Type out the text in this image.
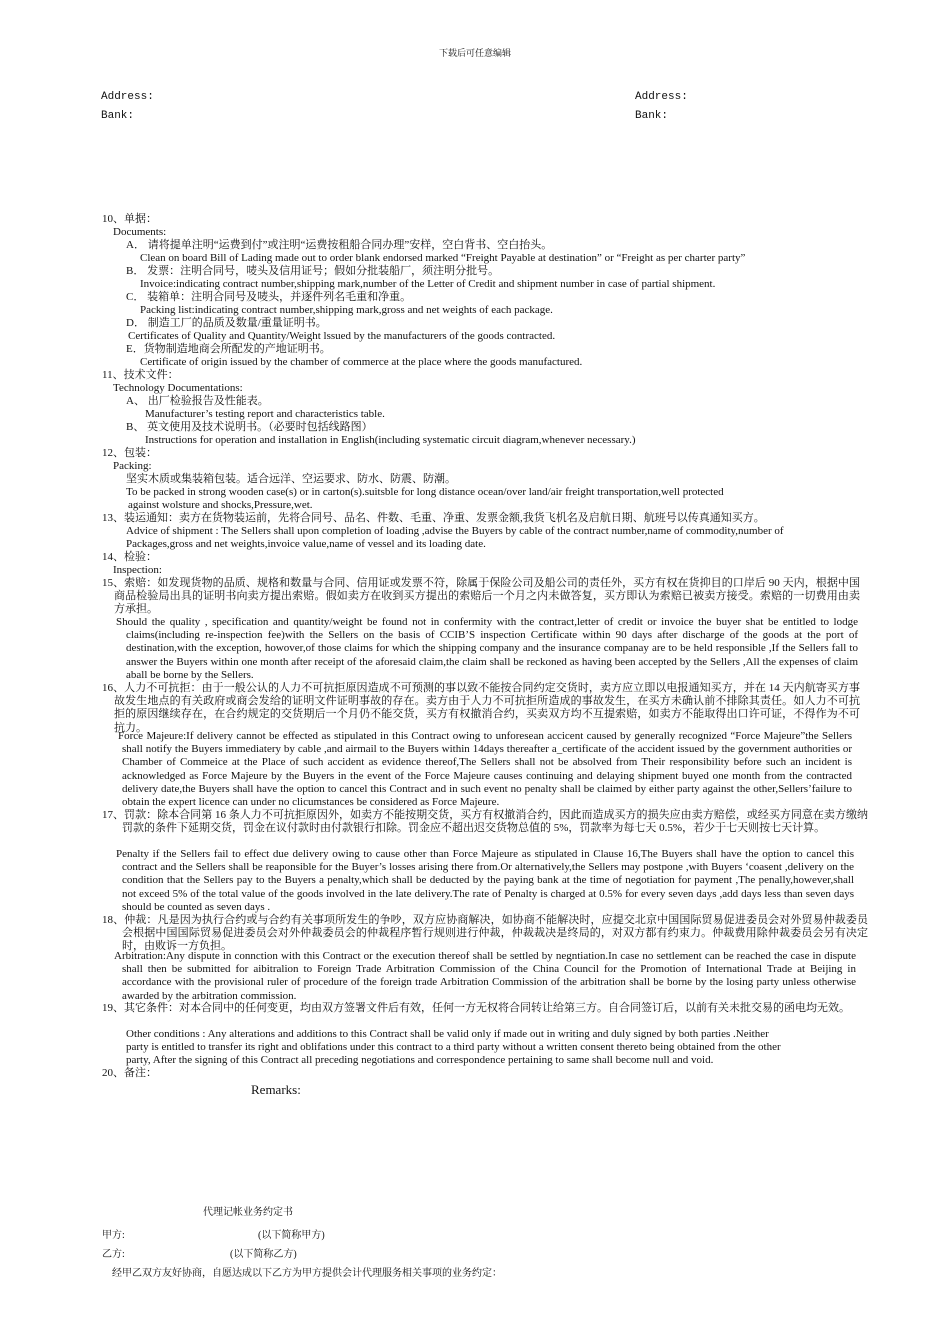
下载后可任意编辑
Address:
Bank:
Address:
Bank:
10、单据：
Documents:
A． 请将提单注明“运费到付”或注明“运费按租船合同办理”安样，空白背书、空白抬头。
Clean on board Bill of Lading made out to order blank endorsed marked “Freight Payable at destination” or “Freight as per charter party”
B． 发票：注明合同号，唛头及信用证号；假如分批装船厂，须注明分批号。
Invoice:indicating contract number,shipping mark,number of the Letter of Credit and shipment number in case of partial shipment.
C． 装箱单：注明合同号及唛头，并逐件列名毛重和净重。
Packing list:indicating contract number,shipping mark,gross and net weights of each package.
D． 制造工厂的品质及数量/重量证明书。
Certificates of Quality and Quantity/Weight lssued by the manufacturers of the goods contracted.
E．货物制造地商会所配发的产地证明书。
Certificate of origin issued by the chamber of commerce at the place where the goods manufactured.
11、技术文件：
Technology Documentations:
A、 出厂检验报告及性能表。
Manufacturer’s testing report and characteristics table.
B、 英文使用及技术说明书。（必要时包括线路图）
Instructions for operation and installation in English(including systematic circuit diagram,whenever necessary.)
12、包装：
Packing:
坚实木质或集装箱包装。适合远洋、空运要求、防水、防震、防潮。
To be packed in strong wooden case(s) or in carton(s).suitsble for long distance ocean/over land/air freight transportation,well protected
against wolsture and shocks,Pressure,wet.
13、装运通知：卖方在货物装运前，先将合同号、品名、件数、毛重、净重、发票金额,我货飞机名及启航日期、航班号以传真通知买方。
Advice of shipment : The Sellers shall upon completion of loading ,advise the Buyers by cable of the contract number,name of commodity,number of
Packages,gross and net weights,invoice value,name of vessel and its loading date.
14、检验：
Inspection:
15、索赔：如发现货物的品质、规格和数量与合同、信用证或发票不符，除属于保险公司及船公司的责任外，买方有权在货抑目的口岸后 90 天内，根据中国商品检验局出具的证明书向卖方提出索赔。假如卖方在收到买方提出的索赔后一个月之内未做答复，买方即认为索赔已被卖方接受。索赔的一切费用由卖方承担。
Should the quality , specification and quantity/weight be found not in confermity with the contract,letter of credit or invoice the buyer shat be entitled to lodge claims(including re-inspection fee)with the Sellers on the basis of CCIB’S inspection Certificate within 90 days after discharge of the goods at the port of destination,with the exception, howover,of those claims for which the shipping company and the insurance companay are to be held responsible ,If the Sellers fall to answer the Buyers within one month after receipt of the aforesaid claim,the claim shall be reckoned as having been accepted by the Sellers ,All the expenses of claim aball be borne by the Sellers.
16、人力不可抗拒：由于一般公认的人力不可抗拒原因造成不可预测的事以致不能按合同约定交货时，卖方应立即以电报通知买方，并在 14 天内航寄买方事故发生地点的有关政府或商会发给的证明文件证明事故的存在。卖方由于人力不可抗拒所造成的事故发生，在买方未确认前不排除其责任。如人力不可抗拒的原因继续存在，在合约规定的交货期后一个月仍不能交货，买方有权撤消合约，买卖双方均不互提索赔，如卖方不能取得出口许可证，不得作为不可抗力。
Force Majeure:If delivery cannot be effected as stipulated in this Contract owing to unforesean accicent caused by generally recognized “Force Majeure”the Sellers shall notify the Buyers immediatery by cable ,and airmail to the Buyers within 14days thereafter a_certificate of the accident issued by the government authorities or Chamber of Commeice at the Place of such accident as evidence thereof,The Sellers shall not be absolved from Their responsibility before such an incident is acknowledged as Force Majeure by the Buyers in the event of the Force Majeure causes continuing and delaying shipment buyed one month from the contracted delivery date,the Buyers shall have the option to cancel this Contract and in such event no penalty shall be claimed by either party against the other,Sellers’failure to obtain the expert licence can under no clicumstances be considered as Force Majeure.
17、罚款：除本合同第 16 条人力不可抗拒原因外，如卖方不能按期交货，买方有权撤消合约，因此而造成买方的损失应由卖方赔偿，或经买方同意在卖方缴纳罚款的条件下延期交货，罚金在议付款时由付款银行扣除。罚金应不超出迟交货物总值的 5%，罚款率为每七天 0.5%，若少于七天则按七天计算。
Penalty if the Sellers fail to effect due delivery owing to cause other than Force Majeure as stipulated in Clause 16,The Buyers shall have the option to cancel this contract and the Sellers shall be reaponsible for the Buyer’s losses arising there from.Or alternatively,the Sellers may postpone ,with Buyers ‘coasent ,delivery on the condition that the Sellers pay to the Buyers a penalty,which shall be deducted by the paying bank at the time of negotiation for payment ,The penally,however,shall not exceed 5% of the total value of the goods involved in the late delivery.The rate of Penalty is charged at 0.5% for every seven days ,add days less than seven days should be counted as seven days .
18、仲裁：凡是因为执行合约或与合约有关事项所发生的争吵，双方应协商解决，如协商不能解决时，应提交北京中国国际贸易促进委员会对外贸易仲裁委员会根据中国国际贸易促进委员会对外仲裁委员会的仲裁程序暂行规则进行仲裁，仲裁裁决是终局的，对双方都有约束力。仲裁费用除仲裁委员会另有决定时，由败诉一方负担。
Arbitration:Any dispute in connction with this Contract or the execution thereof shall be settled by negntiation.In case no settlement can be reached the case in dispute shall then be submitted for aibitralion to Foreign Trade Arbitration Commission of the China Council for the Promotion of International Trade at Beijing in accordance with the provisional ruler of procedure of the foreign trade Arbitration Commission of the arbitration shall be borne by the losing party unless otherwise awarded by the arbitration commission.
19、其它条件：对本合同中的任何变更，均由双方签署文件后有效，任何一方无权将合同转让给第三方。自合同签订后，以前有关未批交易的函电均无效。
Other conditions : Any alterations and additions to this Contract shall be valid only if made out in writing and duly signed by both parties .Neither
party is entitled to transfer its right and oblifations under this contract to a third party without a written consent thereto being obtained from the other
party, After the signing of this Contract all preceding negotiations and correspondence pertaining to same shall become null and void.
20、备注：
Remarks:
代理记帐业务约定书
甲方:	(以下简称甲方)
乙方:	(以下简称乙方)
经甲乙双方友好协商，自愿达成以下乙方为甲方提供会计代理服务相关事项的业务约定：
